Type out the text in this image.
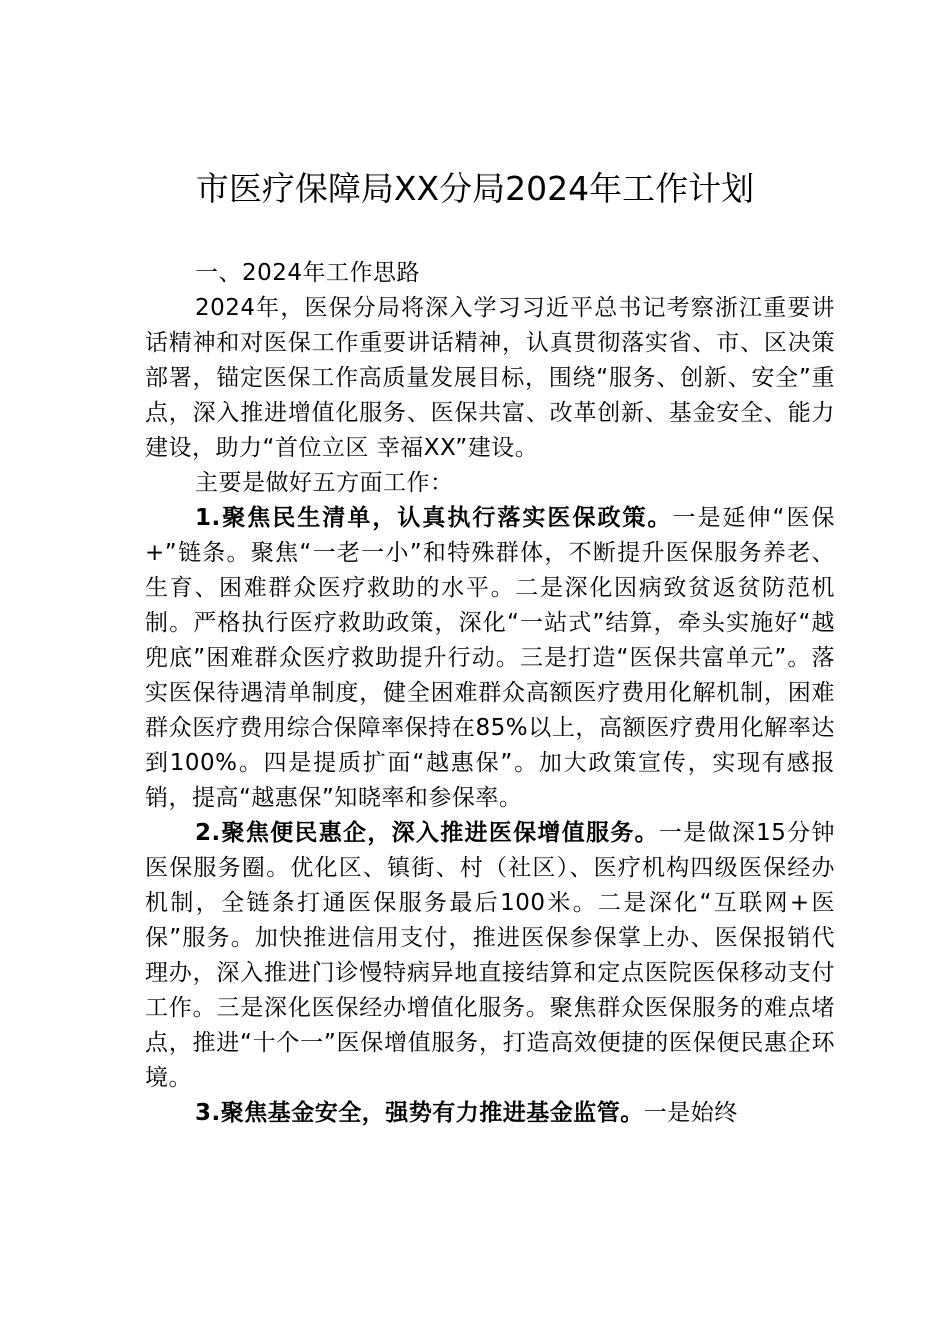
市医疗保障局XX分局2024年工作计划

一、2024年工作思路

2024年，医保分局将深入学习习近平总书记考察浙江重要讲话精神和对医保工作重要讲话精神，认真贯彻落实省、市、区决策部署，锚定医保工作高质量发展目标，围绕“服务、创新、安全”重点，深入推进增值化服务、医保共富、改革创新、基金安全、能力建设，助力“首位立区 幸福XX”建设。

主要是做好五方面工作：

1.聚焦民生清单，认真执行落实医保政策。一是延伸“医保+”链条。聚焦“一老一小”和特殊群体，不断提升医保服务养老、生育、困难群众医疗救助的水平。二是深化因病致贫返贫防范机制。严格执行医疗救助政策，深化“一站式”结算，牵头实施好“越兜底”困难群众医疗救助提升行动。三是打造“医保共富单元”。落实医保待遇清单制度，健全困难群众高额医疗费用化解机制，困难群众医疗费用综合保障率保持在85%以上，高额医疗费用化解率达到100%。四是提质扩面“越惠保”。加大政策宣传，实现有感报销，提高“越惠保”知晓率和参保率。

2.聚焦便民惠企，深入推进医保增值服务。一是做深15分钟医保服务圈。优化区、镇街、村（社区）、医疗机构四级医保经办机制，全链条打通医保服务最后100米。二是深化“互联网+医保”服务。加快推进信用支付，推进医保参保掌上办、医保报销代理办，深入推进门诊慢特病异地直接结算和定点医院医保移动支付工作。三是深化医保经办增值化服务。聚焦群众医保服务的难点堵点，推进“十个一”医保增值服务，打造高效便捷的医保便民惠企环境。

3.聚焦基金安全，强势有力推进基金监管。一是始终
